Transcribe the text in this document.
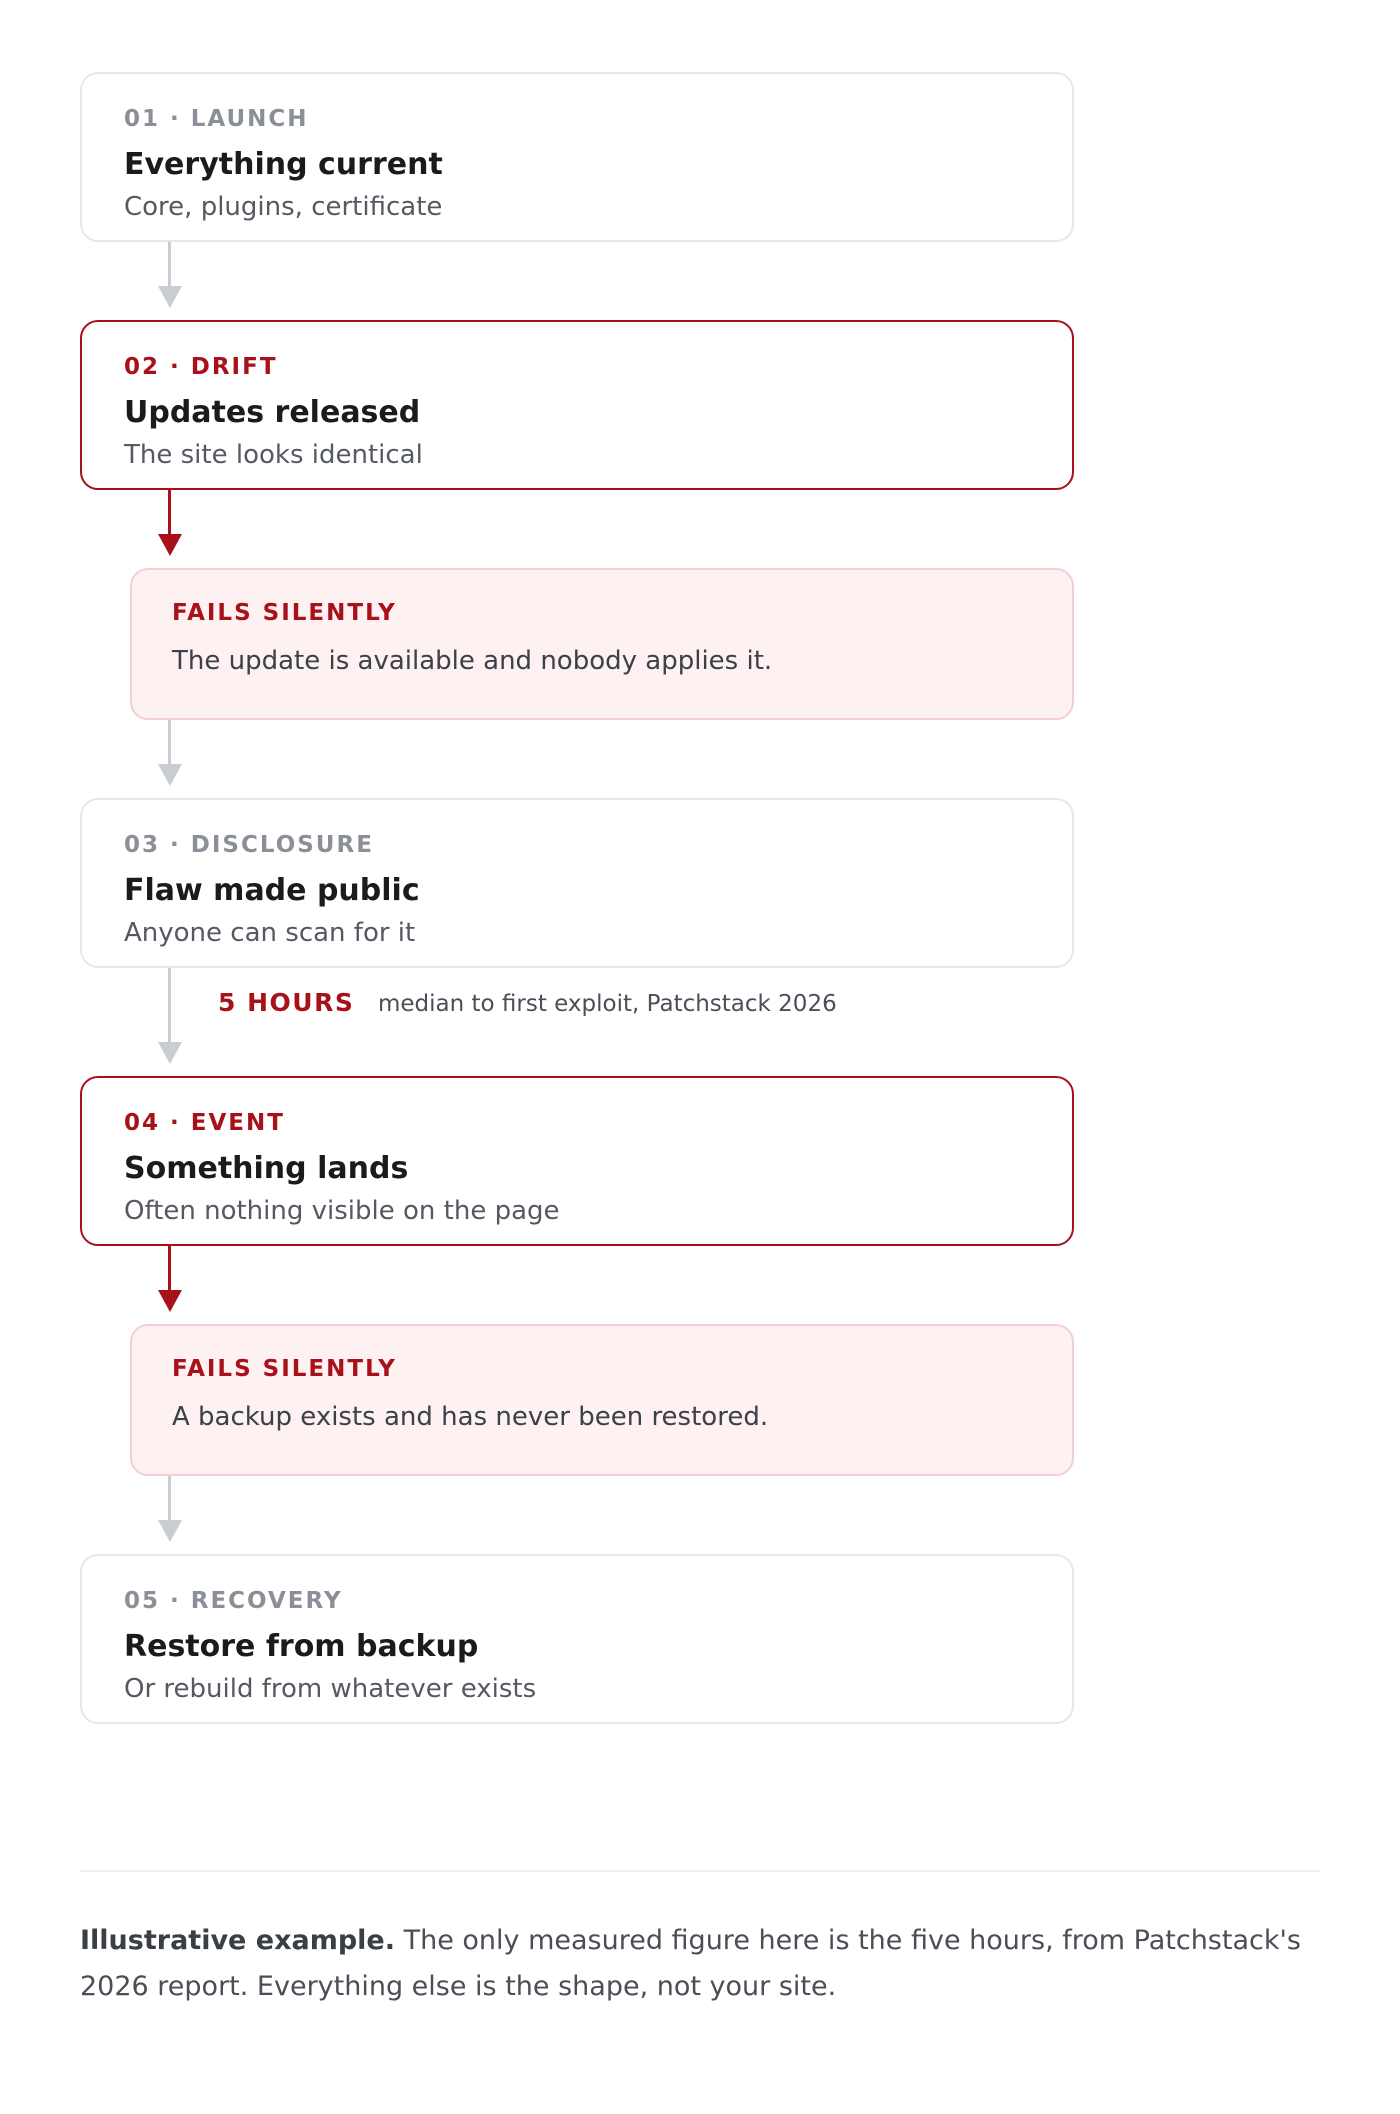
01 · LAUNCH
Everything current
Core, plugins, certificate
02 · DRIFT
Updates released
The site looks identical
FAILS SILENTLY
The update is available and nobody applies it.
03 · DISCLOSURE
Flaw made public
Anyone can scan for it
5 HOURS median to first exploit, Patchstack 2026
04 · EVENT
Something lands
Often nothing visible on the page
FAILS SILENTLY
A backup exists and has never been restored.
05 · RECOVERY
Restore from backup
Or rebuild from whatever exists
Illustrative example. The only measured figure here is the five hours, from Patchstack's 2026 report. Everything else is the shape, not your site.
